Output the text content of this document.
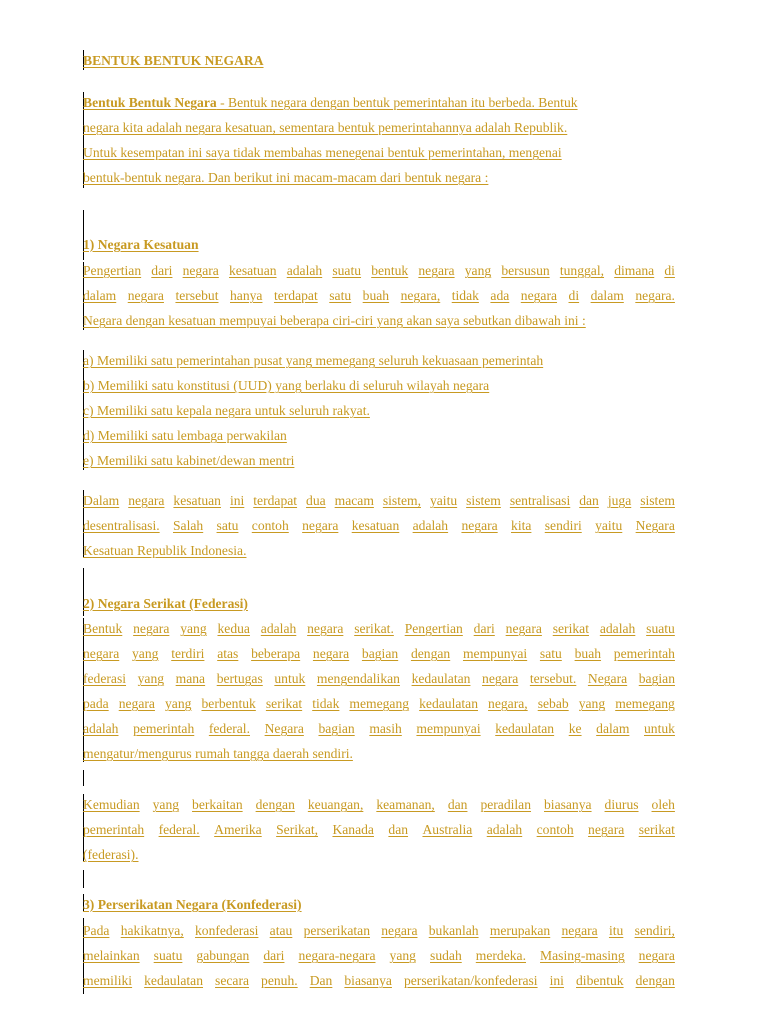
BENTUK BENTUK NEGARA
Bentuk Bentuk Negara - Bentuk negara dengan bentuk pemerintahan itu berbeda. Bentuk
negara kita adalah negara kesatuan, sementara bentuk pemerintahannya adalah Republik.
Untuk kesempatan ini saya tidak membahas menegenai bentuk pemerintahan, mengenai
bentuk-bentuk negara. Dan berikut ini macam-macam dari bentuk negara :
1) Negara Kesatuan
Pengertian dari negara kesatuan adalah suatu bentuk negara yang bersusun tunggal, dimana di
dalam negara tersebut hanya terdapat satu buah negara, tidak ada negara di dalam negara.
Negara dengan kesatuan mempuyai beberapa ciri-ciri yang akan saya sebutkan dibawah ini :
a) Memiliki satu pemerintahan pusat yang memegang seluruh kekuasaan pemerintah
b) Memiliki satu konstitusi (UUD) yang berlaku di seluruh wilayah negara
c) Memiliki satu kepala negara untuk seluruh rakyat.
d) Memiliki satu lembaga perwakilan
e) Memiliki satu kabinet/dewan mentri
Dalam negara kesatuan ini terdapat dua macam sistem, yaitu sistem sentralisasi dan juga sistem
desentralisasi. Salah satu contoh negara kesatuan adalah negara kita sendiri yaitu Negara
Kesatuan Republik Indonesia.
2) Negara Serikat (Federasi)
Bentuk negara yang kedua adalah negara serikat. Pengertian dari negara serikat adalah suatu
negara yang terdiri atas beberapa negara bagian dengan mempunyai satu buah pemerintah
federasi yang mana bertugas untuk mengendalikan kedaulatan negara tersebut. Negara bagian
pada negara yang berbentuk serikat tidak memegang kedaulatan negara, sebab yang memegang
adalah pemerintah federal. Negara bagian masih mempunyai kedaulatan ke dalam untuk
mengatur/mengurus rumah tangga daerah sendiri.
Kemudian yang berkaitan dengan keuangan, keamanan, dan peradilan biasanya diurus oleh
pemerintah federal. Amerika Serikat, Kanada dan Australia adalah contoh negara serikat
(federasi).
3) Perserikatan Negara (Konfederasi)
Pada hakikatnya, konfederasi atau perserikatan negara bukanlah merupakan negara itu sendiri,
melainkan suatu gabungan dari negara-negara yang sudah merdeka. Masing-masing negara
memiliki kedaulatan secara penuh. Dan biasanya perserikatan/konfederasi ini dibentuk dengan
